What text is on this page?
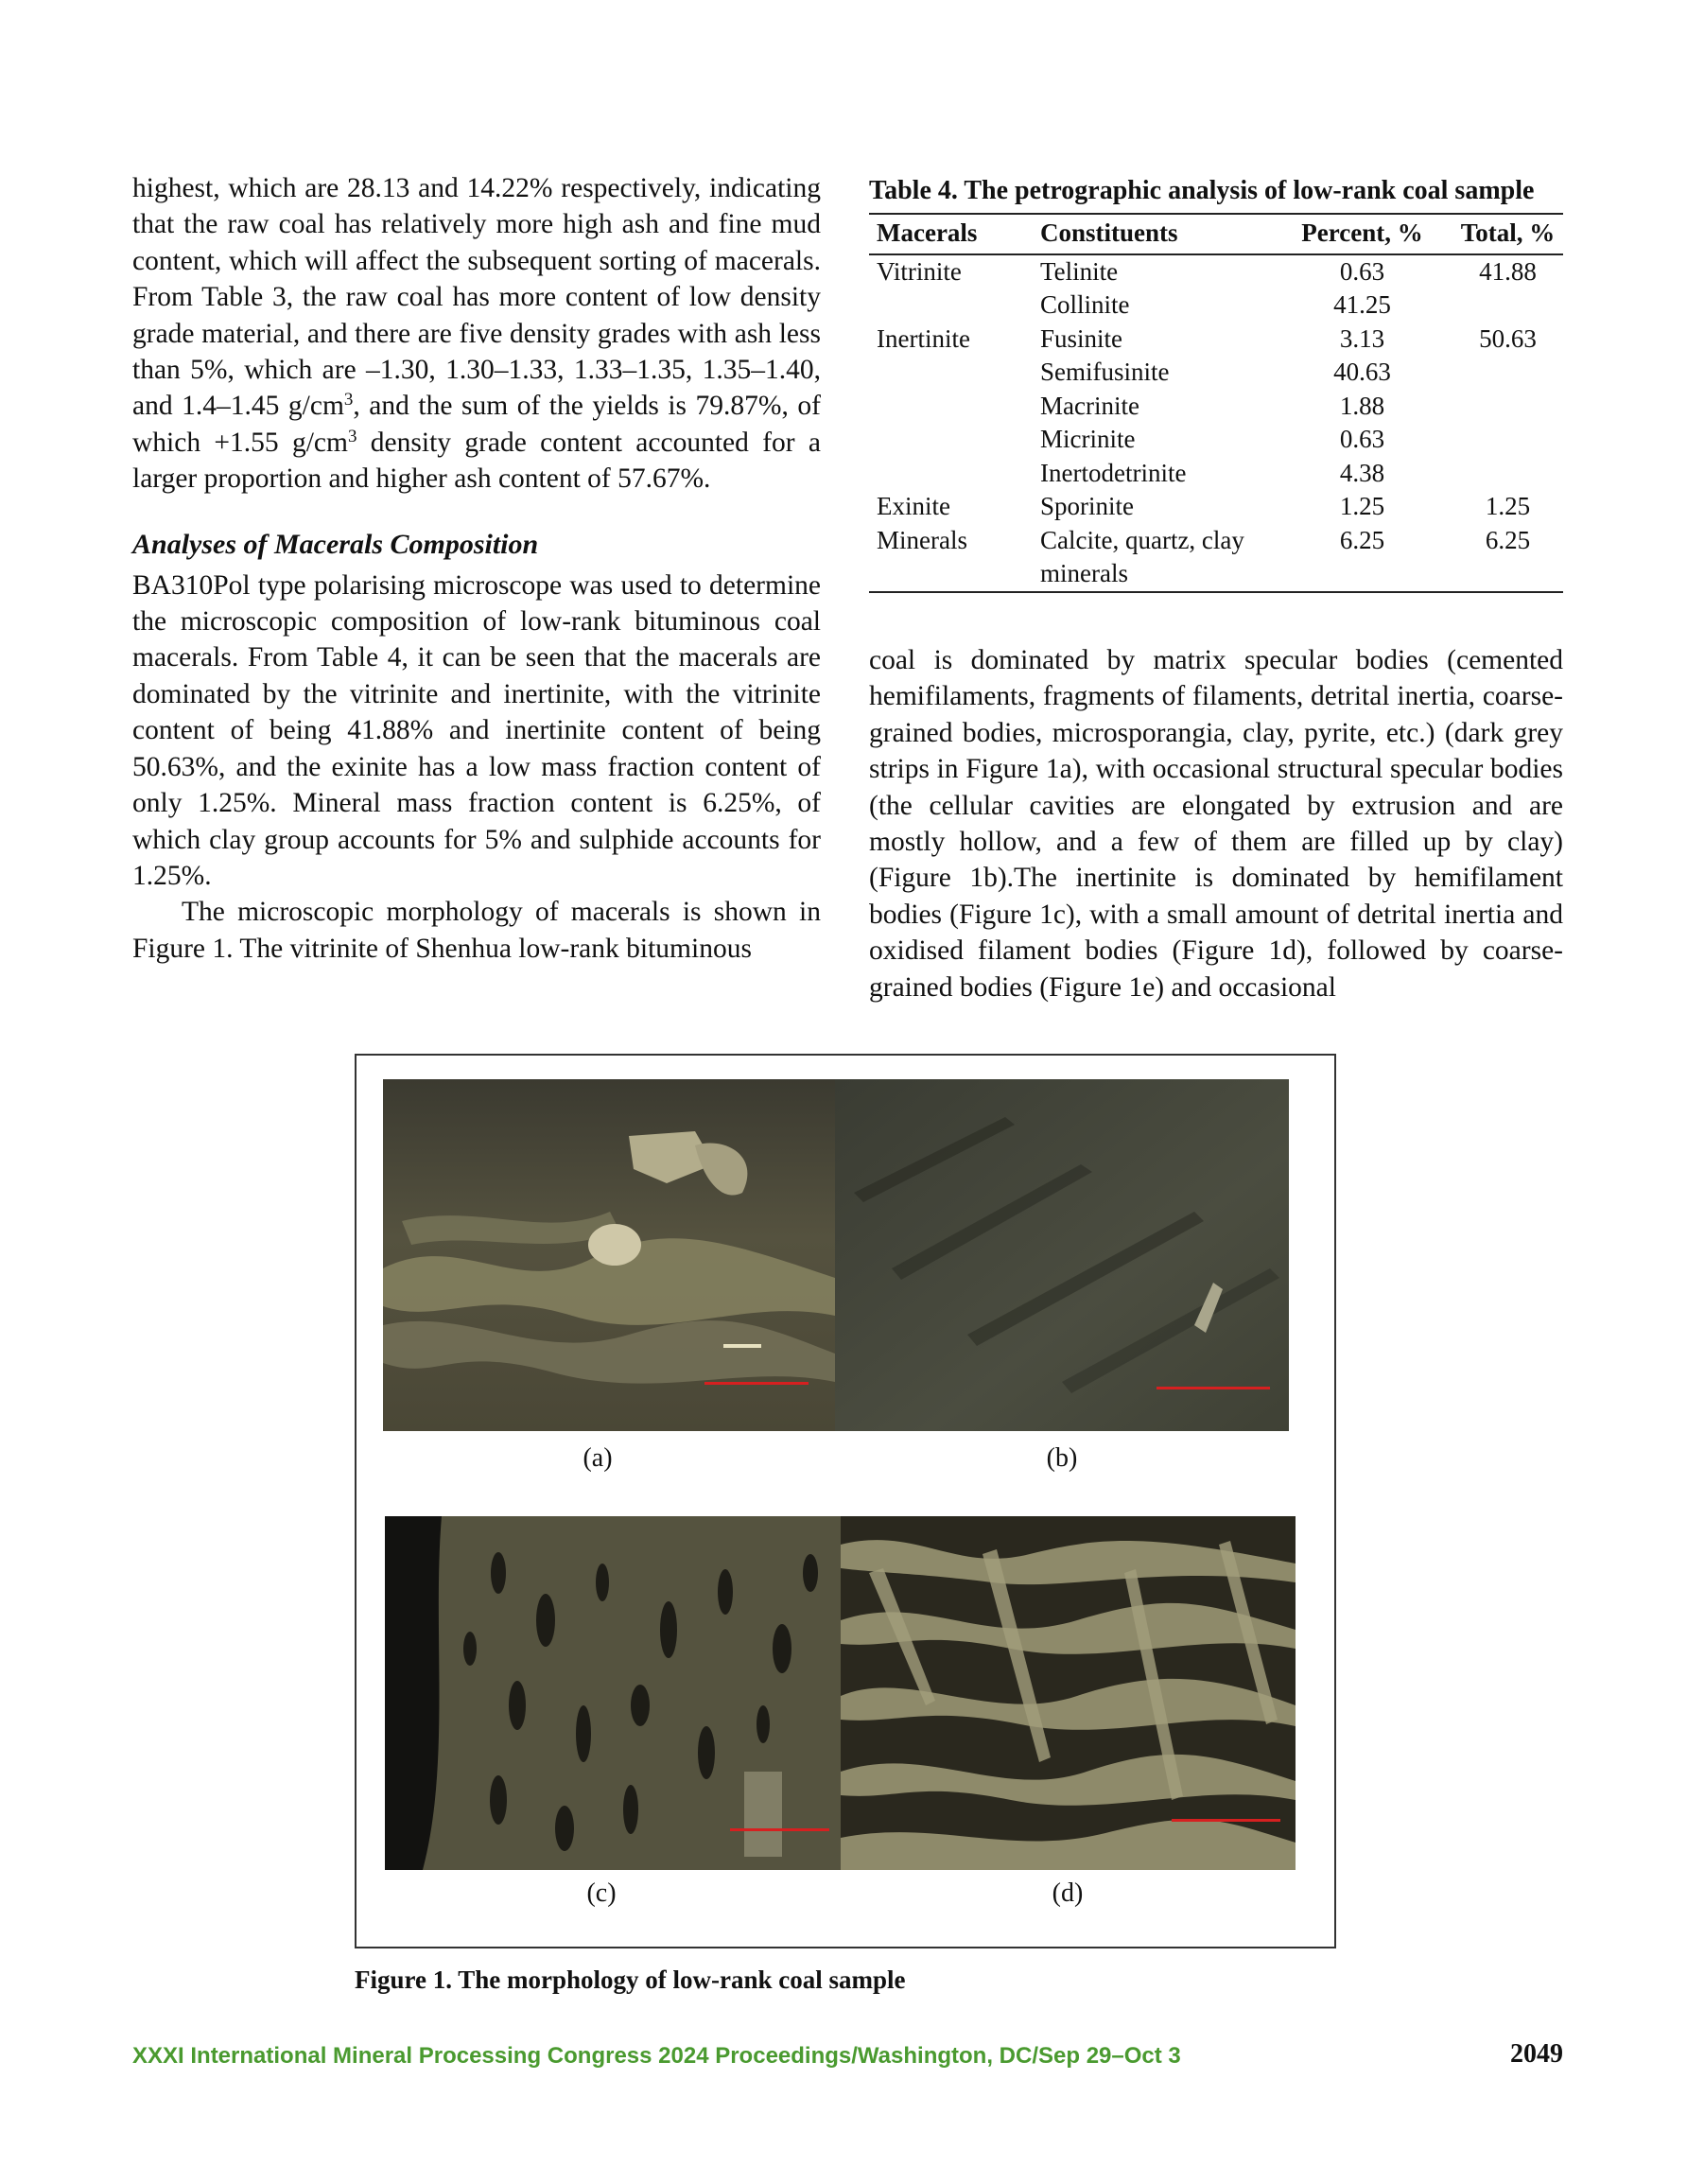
highest, which are 28.13 and 14.22% respectively, indicating that the raw coal has relatively more high ash and fine mud content, which will affect the subsequent sorting of macerals. From Table 3, the raw coal has more content of low density grade material, and there are five density grades with ash less than 5%, which are –1.30, 1.30–1.33, 1.33–1.35, 1.35–1.40, and 1.4–1.45 $g/cm^3$, and the sum of the yields is 79.87%, of which +1.55 $g/cm^3$ density grade content accounted for a larger proportion and higher ash content of 57.67%.

Analyses of Macerals Composition

BA310Pol type polarising microscope was used to determine the microscopic composition of low-rank bituminous coal macerals. From Table 4, it can be seen that the macerals are dominated by the vitrinite and inertinite, with the vitrinite content of being 41.88% and inertinite content of being 50.63%, and the exinite has a low mass fraction content of only 1.25%. Mineral mass fraction content is 6.25%, of which clay group accounts for 5% and sulphide accounts for 1.25%.

The microscopic morphology of macerals is shown in Figure 1. The vitrinite of Shenhua low-rank bituminous

Table 4. The petrographic analysis of low-rank coal sample
Macerals	Constituents	Percent, %	Total, %
Vitrinite	Telinite	0.63	41.88
	Collinite	41.25	
Inertinite	Fusinite	3.13	50.63
	Semifusinite	40.63	
	Macrinite	1.88	
	Micrinite	0.63	
	Inertodetrinite	4.38	
Exinite	Sporinite	1.25	1.25
Minerals	Calcite, quartz, clay minerals	6.25	6.25

coal is dominated by matrix specular bodies (cemented hemifilaments, fragments of filaments, detrital inertia, coarse-grained bodies, microsporangia, clay, pyrite, etc.) (dark grey strips in Figure 1a), with occasional structural specular bodies (the cellular cavities are elongated by extrusion and are mostly hollow, and a few of them are filled up by clay) (Figure 1b).The inertinite is dominated by hemifilament bodies (Figure 1c), with a small amount of detrital inertia and oxidised filament bodies (Figure 1d), followed by coarse-grained bodies (Figure 1e) and occasional

(a)	(b)
(c)	(d)
Figure 1. The morphology of low-rank coal sample
XXXI International Mineral Processing Congress 2024 Proceedings/Washington, DC/Sep 29–Oct 3	2049
